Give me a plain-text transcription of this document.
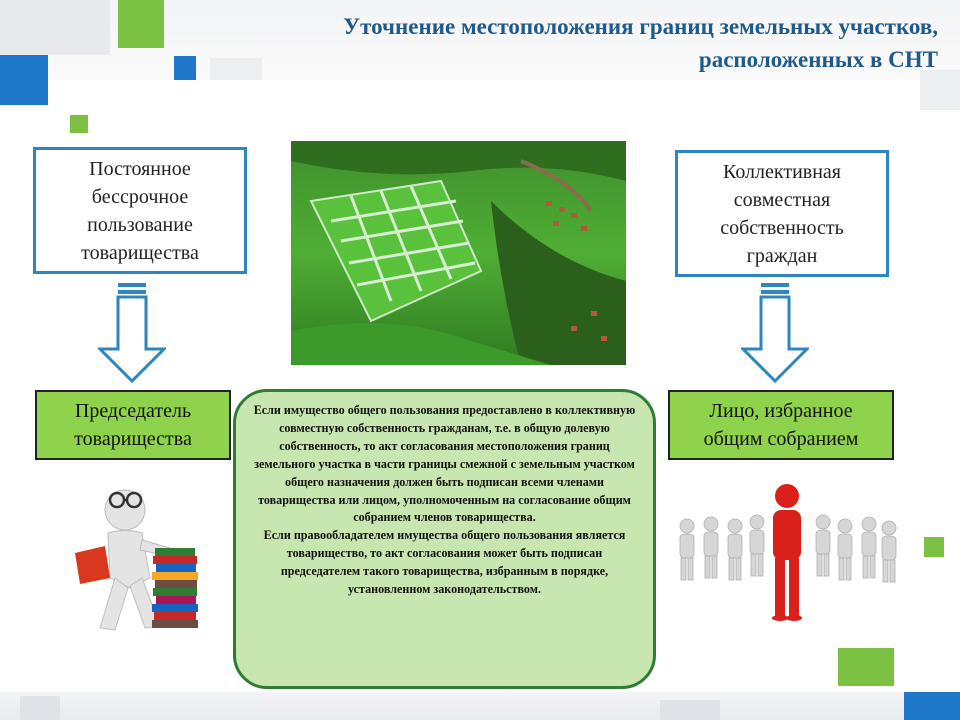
Уточнение местоположения границ земельных участков,
расположенных в СНТ
Постоянное
бессрочное
пользование
товарищества
Коллективная
совместная
собственность
граждан
Председатель
товарищества
Лицо, избранное
общим собранием

Если имущество общего пользования предоставлено в коллективную совместную собственность гражданам, т.е. в общую долевую собственность, то акт согласования местоположения границ земельного участка в части границы смежной с земельным участком общего назначения должен быть подписан всеми членами товарищества или лицом, уполномоченным на согласование общим собранием членов товарищества.

Если правообладателем имущества общего пользования является товарищество, то акт согласования может быть подписан председателем такого товарищества, избранным в порядке, установленном законодательством.
